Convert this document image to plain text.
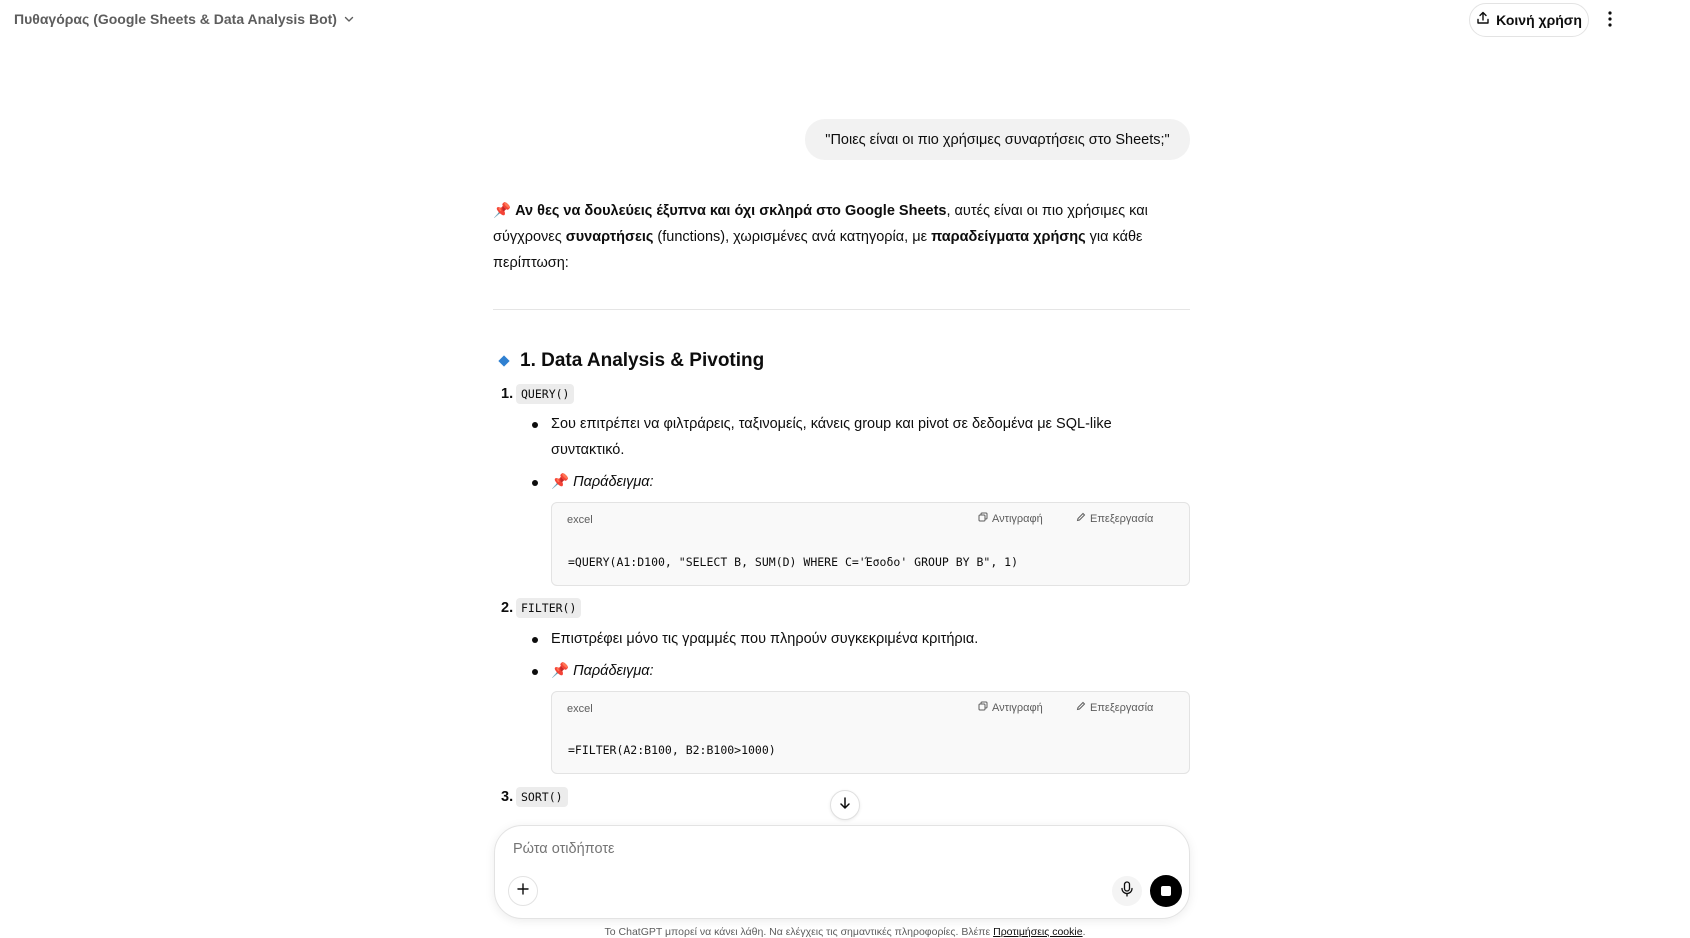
Πυθαγόρας (Google Sheets & Data Analysis Bot)	Κοινή χρήση
"Ποιες είναι οι πιο χρήσιμες συναρτήσεις στο Sheets;"
📌 Αν θες να δουλεύεις έξυπνα και όχι σκληρά στο Google Sheets, αυτές είναι οι πιο χρήσιμες και σύγχρονες συναρτήσεις (functions), χωρισμένες ανά κατηγορία, με παραδείγματα χρήσης για κάθε περίπτωση:
1. Data Analysis & Pivoting
1. QUERY()
Σου επιτρέπει να φιλτράρεις, ταξινομείς, κάνεις group και pivot σε δεδομένα με SQL-like συντακτικό.
📌 Παράδειγμα:
excel	Αντιγραφή	Επεξεργασία
=QUERY(A1:D100, "SELECT B, SUM(D) WHERE C='Έσοδο' GROUP BY B", 1)
2. FILTER()
Επιστρέφει μόνο τις γραμμές που πληρούν συγκεκριμένα κριτήρια.
📌 Παράδειγμα:
excel	Αντιγραφή	Επεξεργασία
=FILTER(A2:B100, B2:B100>1000)
3. SORT()
Ρώτα οτιδήποτε
Το ChatGPT μπορεί να κάνει λάθη. Να ελέγχεις τις σημαντικές πληροφορίες. Βλέπε Προτιμήσεις cookie.
